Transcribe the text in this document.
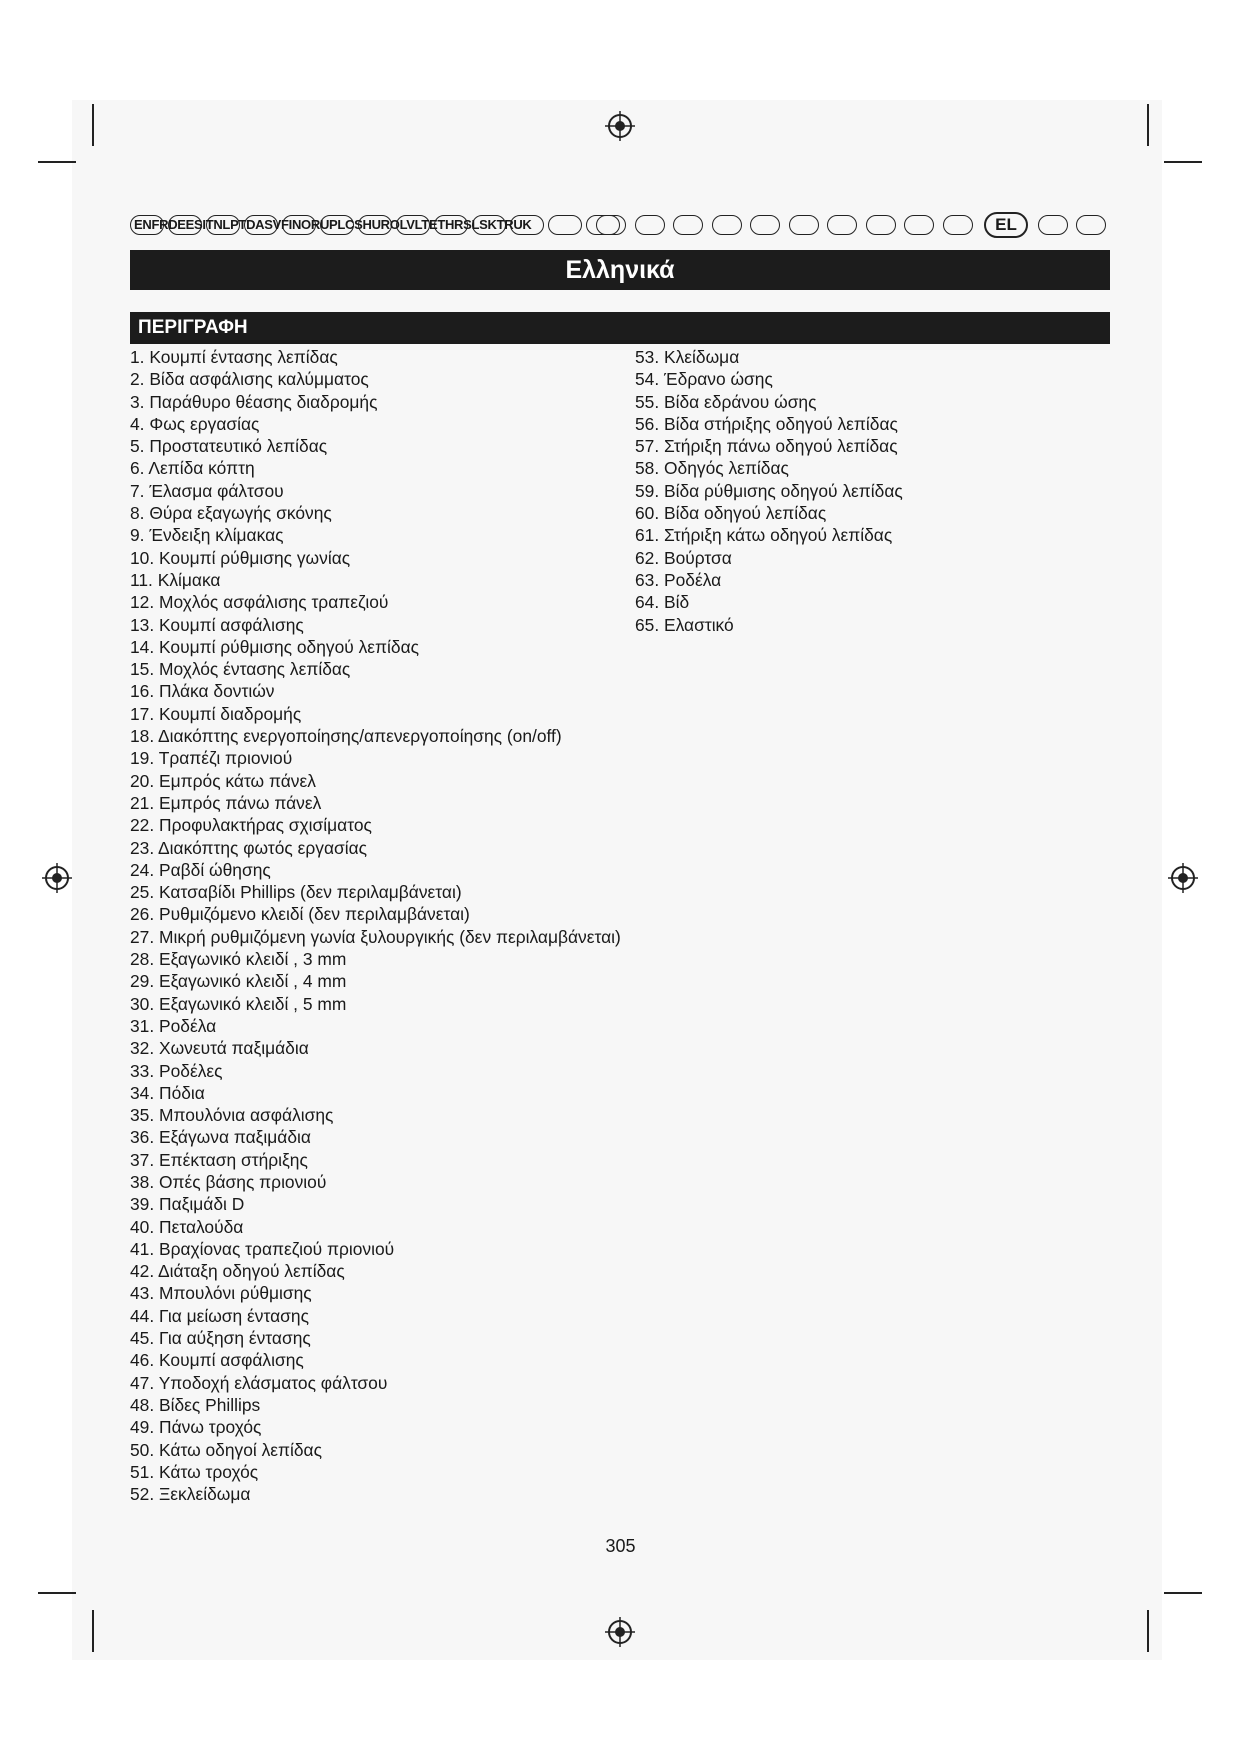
ENFRDEESITNLPTDASVFINORUPLCSHUROLVLTETHRSLSKTRUK	EL
Ελληνικά
ΠΕΡΙΓΡΑΦΗ
1. Κουμπί έντασης λεπίδας
2. Βίδα ασφάλισης καλύμματος
3. Παράθυρο θέασης διαδρομής
4. Φως εργασίας
5. Προστατευτικό λεπίδας
6. Λεπίδα κόπτη
7. Έλασμα φάλτσου
8. Θύρα εξαγωγής σκόνης
9. Ένδειξη κλίμακας
10. Κουμπί ρύθμισης γωνίας
11. Κλίμακα
12. Μοχλός ασφάλισης τραπεζιού
13. Κουμπί ασφάλισης
14. Κουμπί ρύθμισης οδηγού λεπίδας
15. Μοχλός έντασης λεπίδας
16. Πλάκα δοντιών
17. Κουμπί διαδρομής
18. Διακόπτης ενεργοποίησης/απενεργοποίησης (on/off)
19. Τραπέζι πριονιού
20. Εμπρός κάτω πάνελ
21. Εμπρός πάνω πάνελ
22. Προφυλακτήρας σχισίματος
23. Διακόπτης φωτός εργασίας
24. Ραβδί ώθησης
25. Κατσαβίδι Phillips (δεν περιλαμβάνεται)
26. Ρυθμιζόμενο κλειδί (δεν περιλαμβάνεται)
27. Μικρή ρυθμιζόμενη γωνία ξυλουργικής (δεν περιλαμβάνεται)
28. Εξαγωνικό κλειδί , 3 mm
29. Εξαγωνικό κλειδί , 4 mm
30. Εξαγωνικό κλειδί , 5 mm
31. Ροδέλα
32. Χωνευτά παξιμάδια
33. Ροδέλες
34. Πόδια
35. Μπουλόνια ασφάλισης
36. Εξάγωνα παξιμάδια
37. Επέκταση στήριξης
38. Οπές βάσης πριονιού
39. Παξιμάδι D
40. Πεταλούδα
41. Βραχίονας τραπεζιού πριονιού
42. Διάταξη οδηγού λεπίδας
43. Μπουλόνι ρύθμισης
44. Για μείωση έντασης
45. Για αύξηση έντασης
46. Κουμπί ασφάλισης
47. Υποδοχή ελάσματος φάλτσου
48. Βίδες Phillips
49. Πάνω τροχός
50. Κάτω οδηγοί λεπίδας
51. Κάτω τροχός
52. Ξεκλείδωμα
53. Κλείδωμα
54. Έδρανο ώσης
55. Βίδα εδράνου ώσης
56. Βίδα στήριξης οδηγού λεπίδας
57. Στήριξη πάνω οδηγού λεπίδας
58. Οδηγός λεπίδας
59. Βίδα ρύθμισης οδηγού λεπίδας
60. Βίδα οδηγού λεπίδας
61. Στήριξη κάτω οδηγού λεπίδας
62. Βούρτσα
63. Ροδέλα
64. Βίδ
65. Ελαστικό
305
